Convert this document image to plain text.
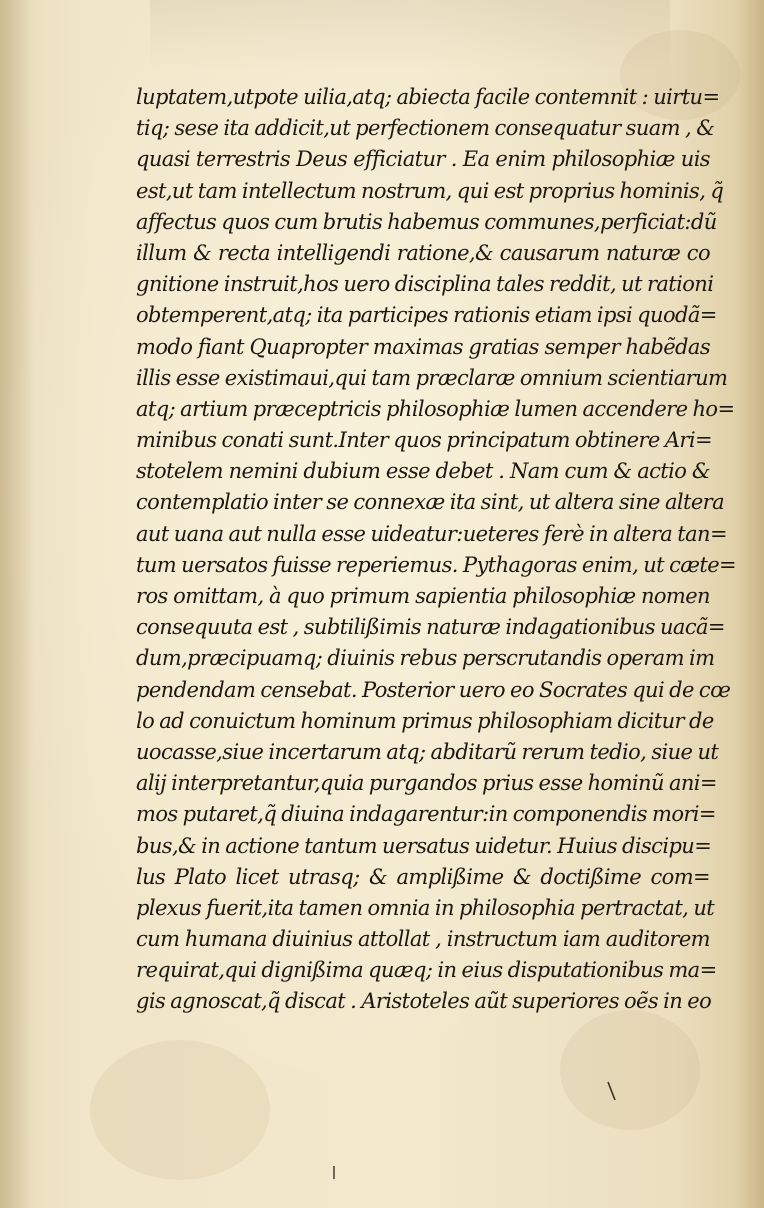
luptatem,utpote uilia,atq; abiecta facile contemnit : uirtu=
tiq; sese ita addicit,ut perfectionem consequatur suam , &
quasi terrestris Deus efficiatur . Ea enim philosophiæ uis
est,ut tam intellectum nostrum, qui est proprius hominis, q̃
affectus quos cum brutis habemus communes,perficiat:dũ
illum & recta intelligendi ratione,& causarum naturæ co
gnitione instruit,hos uero disciplina tales reddit, ut rationi
obtemperent,atq; ita participes rationis etiam ipsi quodã=
modo fiant Quapropter maximas gratias semper habẽdas
illis esse existimaui,qui tam præclaræ omnium scientiarum
atq; artium præceptricis philosophiæ lumen accendere ho=
minibus conati sunt.Inter quos principatum obtinere Ari=
stotelem nemini dubium esse debet . Nam cum & actio &
contemplatio inter se connexæ ita sint, ut altera sine altera
aut uana aut nulla esse uideatur:ueteres ferè in altera tan=
tum uersatos fuisse reperiemus. Pythagoras enim, ut cæte=
ros omittam, à quo primum sapientia philosophiæ nomen
consequuta est , subtilißimis naturæ indagationibus uacã=
dum,præcipuamq; diuinis rebus perscrutandis operam im
pendendam censebat. Posterior uero eo Socrates qui de cœ
lo ad conuictum hominum primus philosophiam dicitur de
uocasse,siue incertarum atq; abditarũ rerum tedio, siue ut
alij interpretantur,quia purgandos prius esse hominũ ani=
mos putaret,q̃ diuina indagarentur:in componendis mori=
bus,& in actione tantum uersatus uidetur. Huius discipu=
lus Plato licet utrasq; & amplißime & doctißime com=
plexus fuerit,ita tamen omnia in philosophia pertractat, ut
cum humana diuinius attollat , instructum iam auditorem
requirat,qui dignißima quæq; in eius disputationibus ma=
gis agnoscat,q̃ discat . Aristoteles aũt superiores oẽs in eo
